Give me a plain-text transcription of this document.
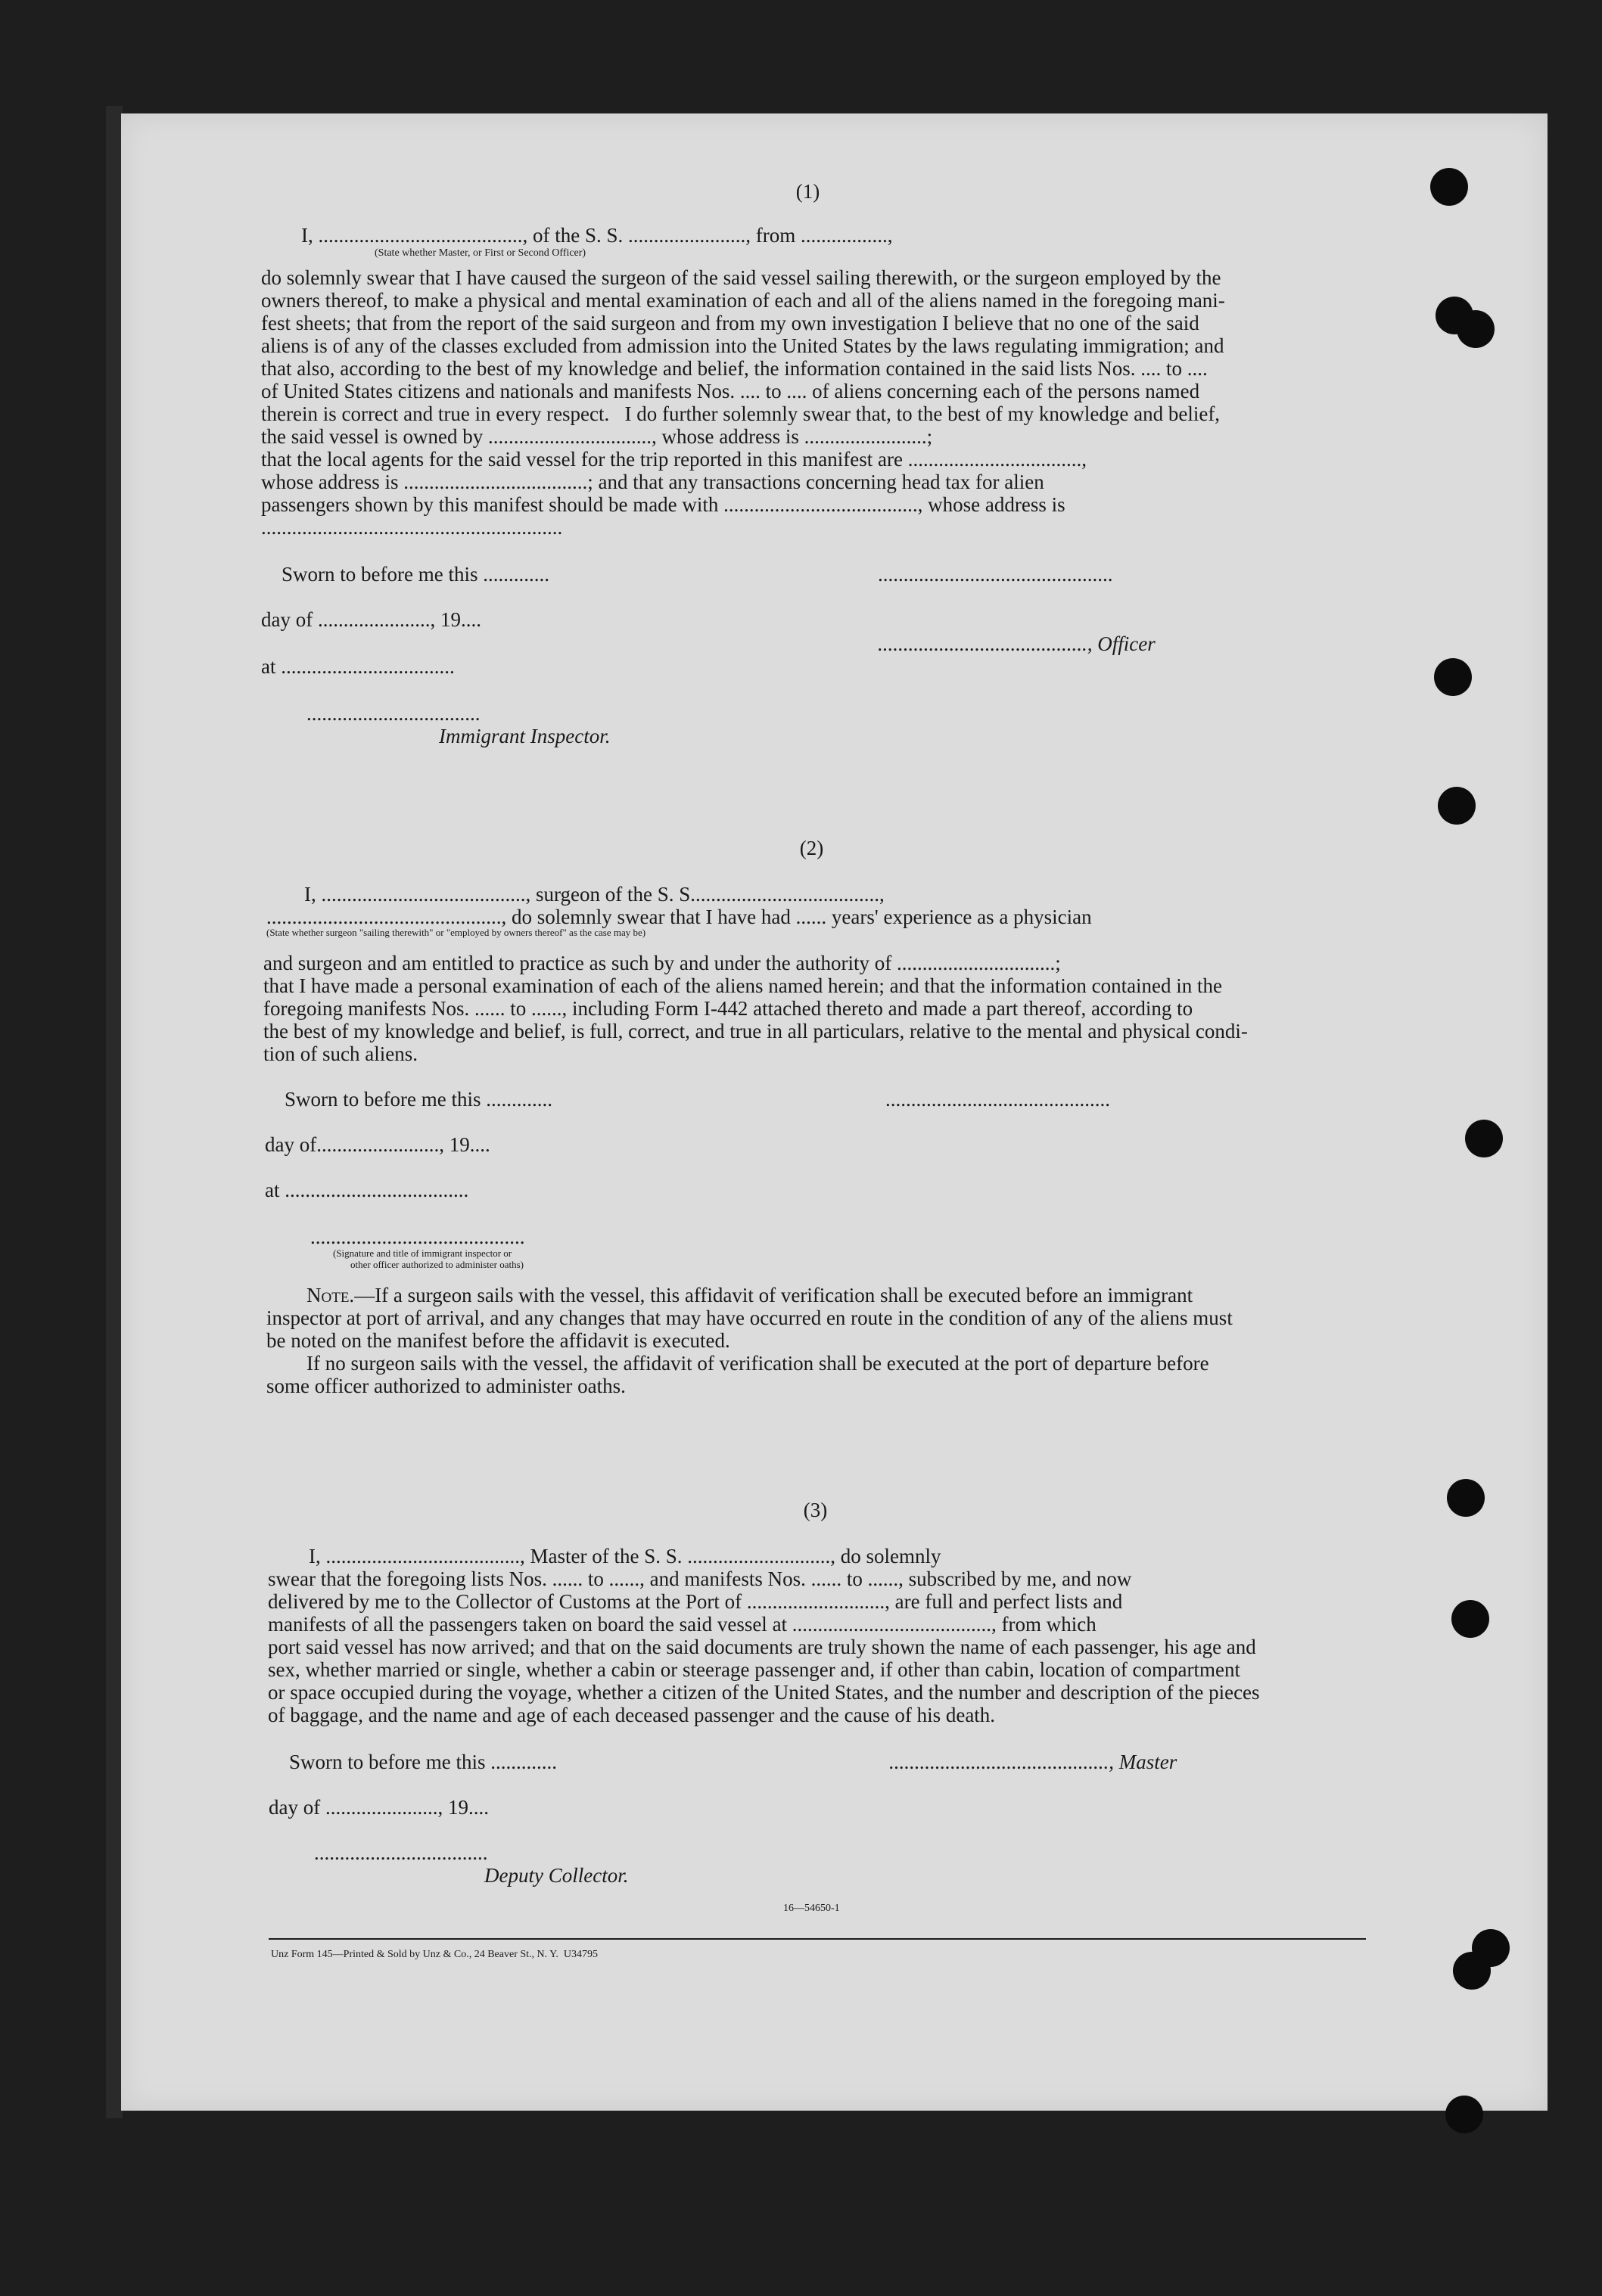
(1)
I, ........................................, of the S. S. ......................., from .................,
(State whether Master, or First or Second Officer)
do solemnly swear that I have caused the surgeon of the said vessel sailing therewith, or the surgeon employed by the
owners thereof, to make a physical and mental examination of each and all of the aliens named in the foregoing mani-
fest sheets; that from the report of the said surgeon and from my own investigation I believe that no one of the said
aliens is of any of the classes excluded from admission into the United States by the laws regulating immigration; and
that also, according to the best of my knowledge and belief, the information contained in the said lists Nos. .... to ....
of United States citizens and nationals and manifests Nos. .... to .... of aliens concerning each of the persons named
therein is correct and true in every respect.   I do further solemnly swear that, to the best of my knowledge and belief,
the said vessel is owned by ................................, whose address is ........................;
that the local agents for the said vessel for the trip reported in this manifest are ..................................,
whose address is ....................................; and that any transactions concerning head tax for alien
passengers shown by this manifest should be made with ......................................, whose address is
...........................................................
Sworn to before me this .............	..............................................
day of ......................, 19....
........................................., Officer
at ..................................
..................................
Immigrant Inspector.
(2)
I, ........................................, surgeon of the S. S.....................................,
.............................................., do solemnly swear that I have had ...... years' experience as a physician
(State whether surgeon "sailing therewith" or "employed by owners thereof" as the case may be)
and surgeon and am entitled to practice as such by and under the authority of ...............................;
that I have made a personal examination of each of the aliens named herein; and that the information contained in the
foregoing manifests Nos. ...... to ......, including Form I-442 attached thereto and made a part thereof, according to
the best of my knowledge and belief, is full, correct, and true in all particulars, relative to the mental and physical condi-
tion of such aliens.
Sworn to before me this .............	............................................
day of........................, 19....
at ....................................
..........................................
(Signature and title of immigrant inspector or
other officer authorized to administer oaths)
Note.—If a surgeon sails with the vessel, this affidavit of verification shall be executed before an immigrant
inspector at port of arrival, and any changes that may have occurred en route in the condition of any of the aliens must
be noted on the manifest before the affidavit is executed.
If no surgeon sails with the vessel, the affidavit of verification shall be executed at the port of departure before
some officer authorized to administer oaths.
(3)
I, ......................................, Master of the S. S. ............................, do solemnly
swear that the foregoing lists Nos. ...... to ......, and manifests Nos. ...... to ......, subscribed by me, and now
delivered by me to the Collector of Customs at the Port of ..........................., are full and perfect lists and
manifests of all the passengers taken on board the said vessel at ......................................., from which
port said vessel has now arrived; and that on the said documents are truly shown the name of each passenger, his age and
sex, whether married or single, whether a cabin or steerage passenger and, if other than cabin, location of compartment
or space occupied during the voyage, whether a citizen of the United States, and the number and description of the pieces
of baggage, and the name and age of each deceased passenger and the cause of his death.
Sworn to before me this .............	..........................................., Master
day of ......................, 19....
..................................
Deputy Collector.
16—54650-1
Unz Form 145—Printed & Sold by Unz & Co., 24 Beaver St., N. Y.  U34795
